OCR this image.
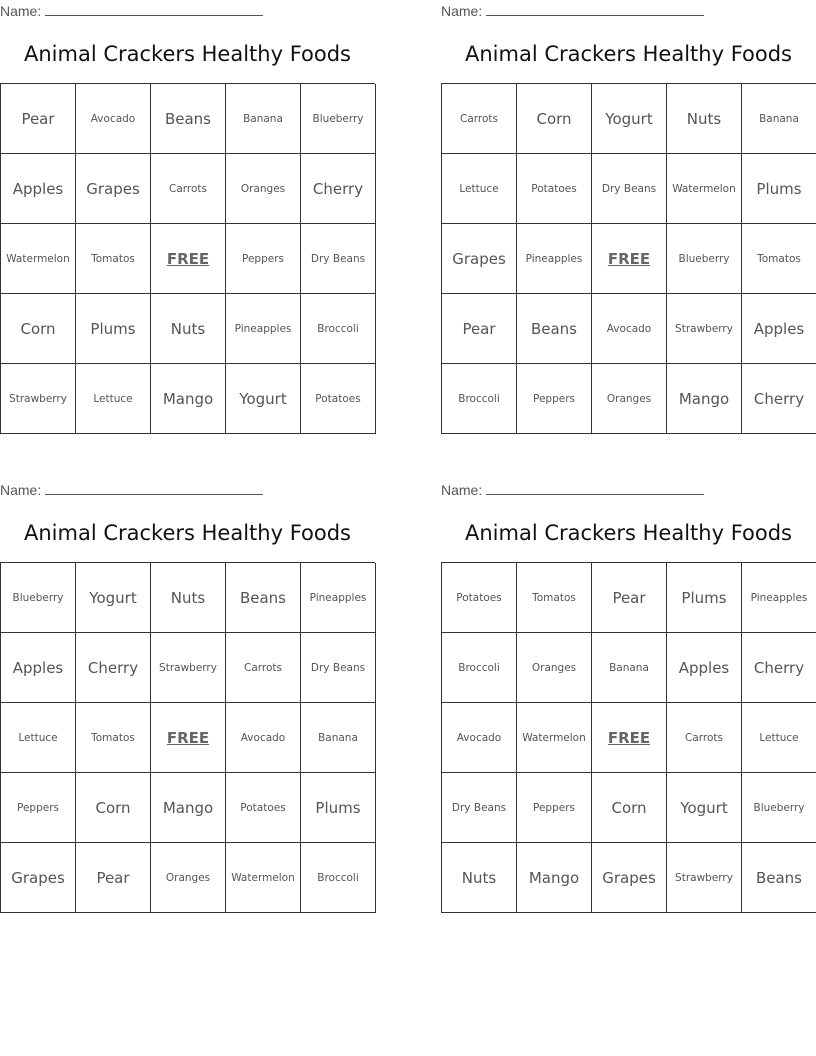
Name:
Animal Crackers Healthy Foods
Pear	Avocado	Beans	Banana	Blueberry
Apples	Grapes	Carrots	Oranges	Cherry
Watermelon	Tomatos	FREE	Peppers	Dry Beans
Corn	Plums	Nuts	Pineapples	Broccoli
Strawberry	Lettuce	Mango	Yogurt	Potatoes
Name:
Animal Crackers Healthy Foods
Carrots	Corn	Yogurt	Nuts	Banana
Lettuce	Potatoes	Dry Beans	Watermelon	Plums
Grapes	Pineapples	FREE	Blueberry	Tomatos
Pear	Beans	Avocado	Strawberry	Apples
Broccoli	Peppers	Oranges	Mango	Cherry
Name:
Animal Crackers Healthy Foods
Blueberry	Yogurt	Nuts	Beans	Pineapples
Apples	Cherry	Strawberry	Carrots	Dry Beans
Lettuce	Tomatos	FREE	Avocado	Banana
Peppers	Corn	Mango	Potatoes	Plums
Grapes	Pear	Oranges	Watermelon	Broccoli
Name:
Animal Crackers Healthy Foods
Potatoes	Tomatos	Pear	Plums	Pineapples
Broccoli	Oranges	Banana	Apples	Cherry
Avocado	Watermelon	FREE	Carrots	Lettuce
Dry Beans	Peppers	Corn	Yogurt	Blueberry
Nuts	Mango	Grapes	Strawberry	Beans
